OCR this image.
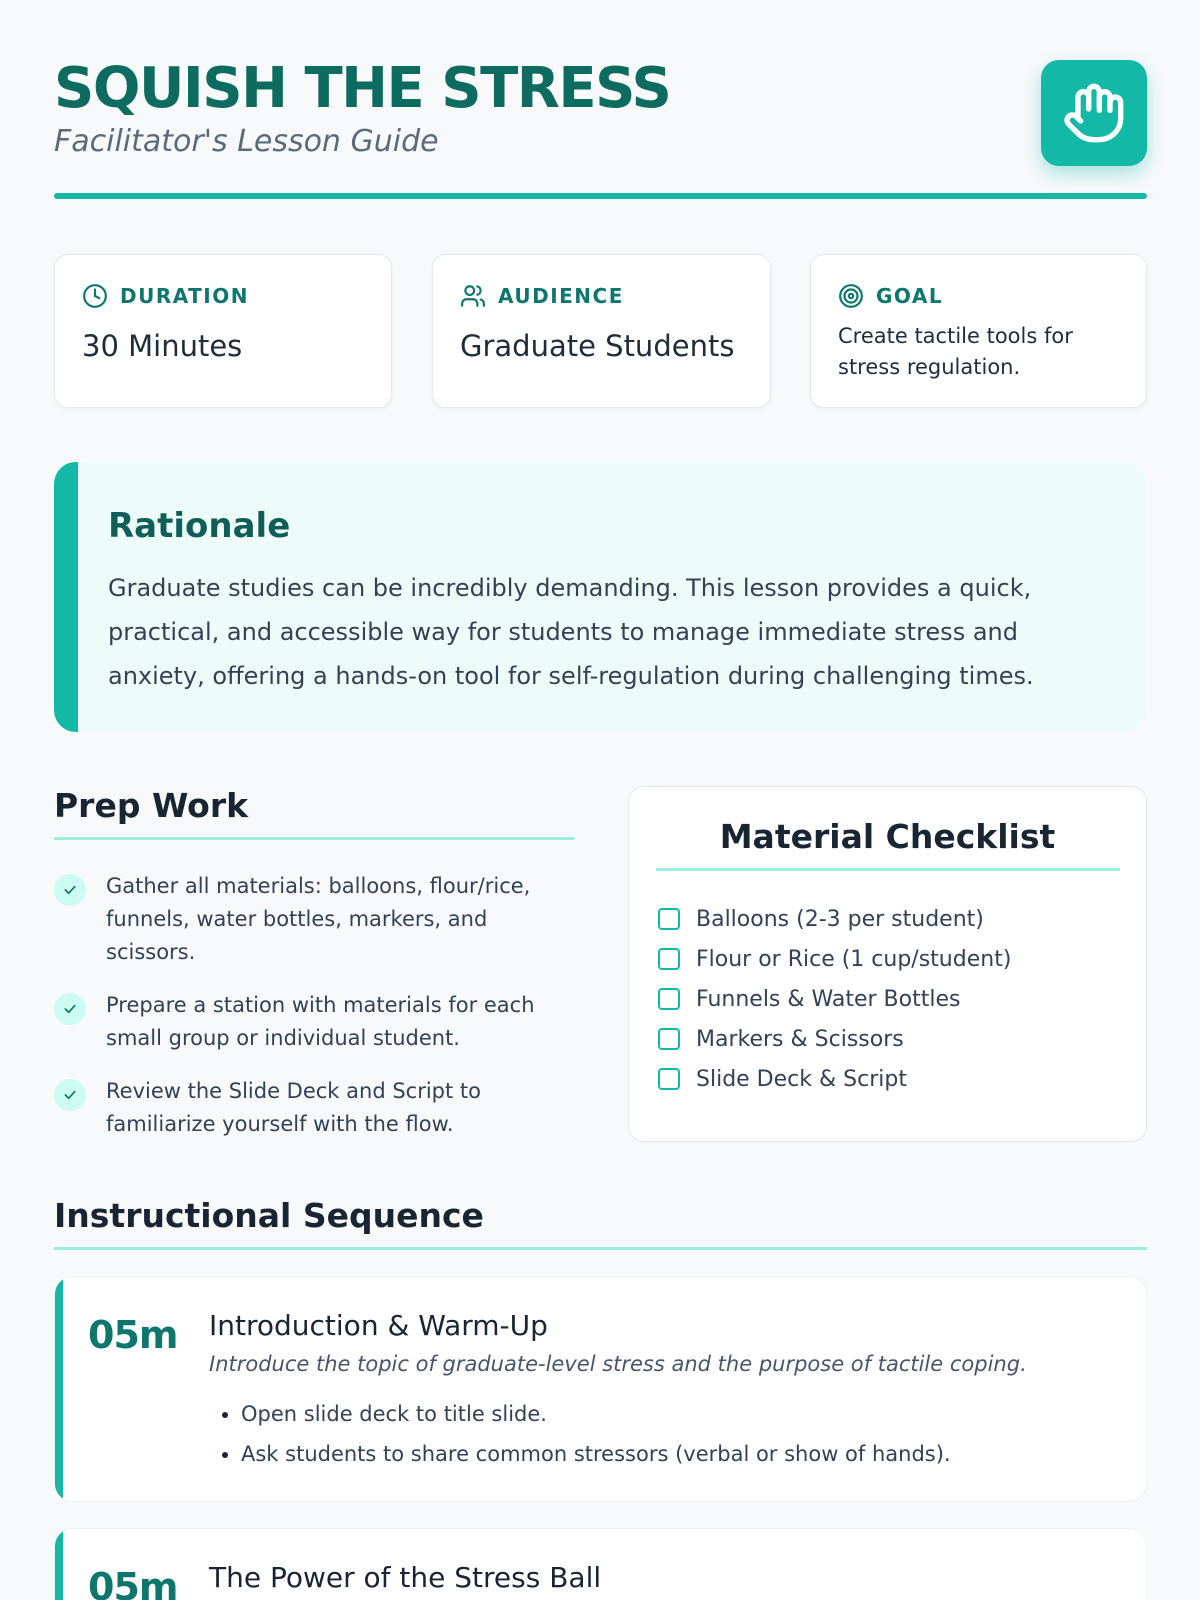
SQUISH THE STRESS
Facilitator's Lesson Guide
DURATION
30 Minutes
AUDIENCE
Graduate Students
GOAL
Create tactile tools for stress regulation.
Rationale

Graduate studies can be incredibly demanding. This lesson provides a quick, practical, and accessible way for students to manage immediate stress and anxiety, offering a hands-on tool for self-regulation during challenging times.

Prep Work
Gather all materials: balloons, flour/rice, funnels, water bottles, markers, and scissors.
Prepare a station with materials for each small group or individual student.
Review the Slide Deck and Script to familiarize yourself with the flow.
Material Checklist
Balloons (2-3 per student)
Flour or Rice (1 cup/student)
Funnels & Water Bottles
Markers & Scissors
Slide Deck & Script
Instructional Sequence
05m Introduction & Warm-Up
Introduce the topic of graduate-level stress and the purpose of tactile coping.
• Open slide deck to title slide.
• Ask students to share common stressors (verbal or show of hands).
05m The Power of the Stress Ball
